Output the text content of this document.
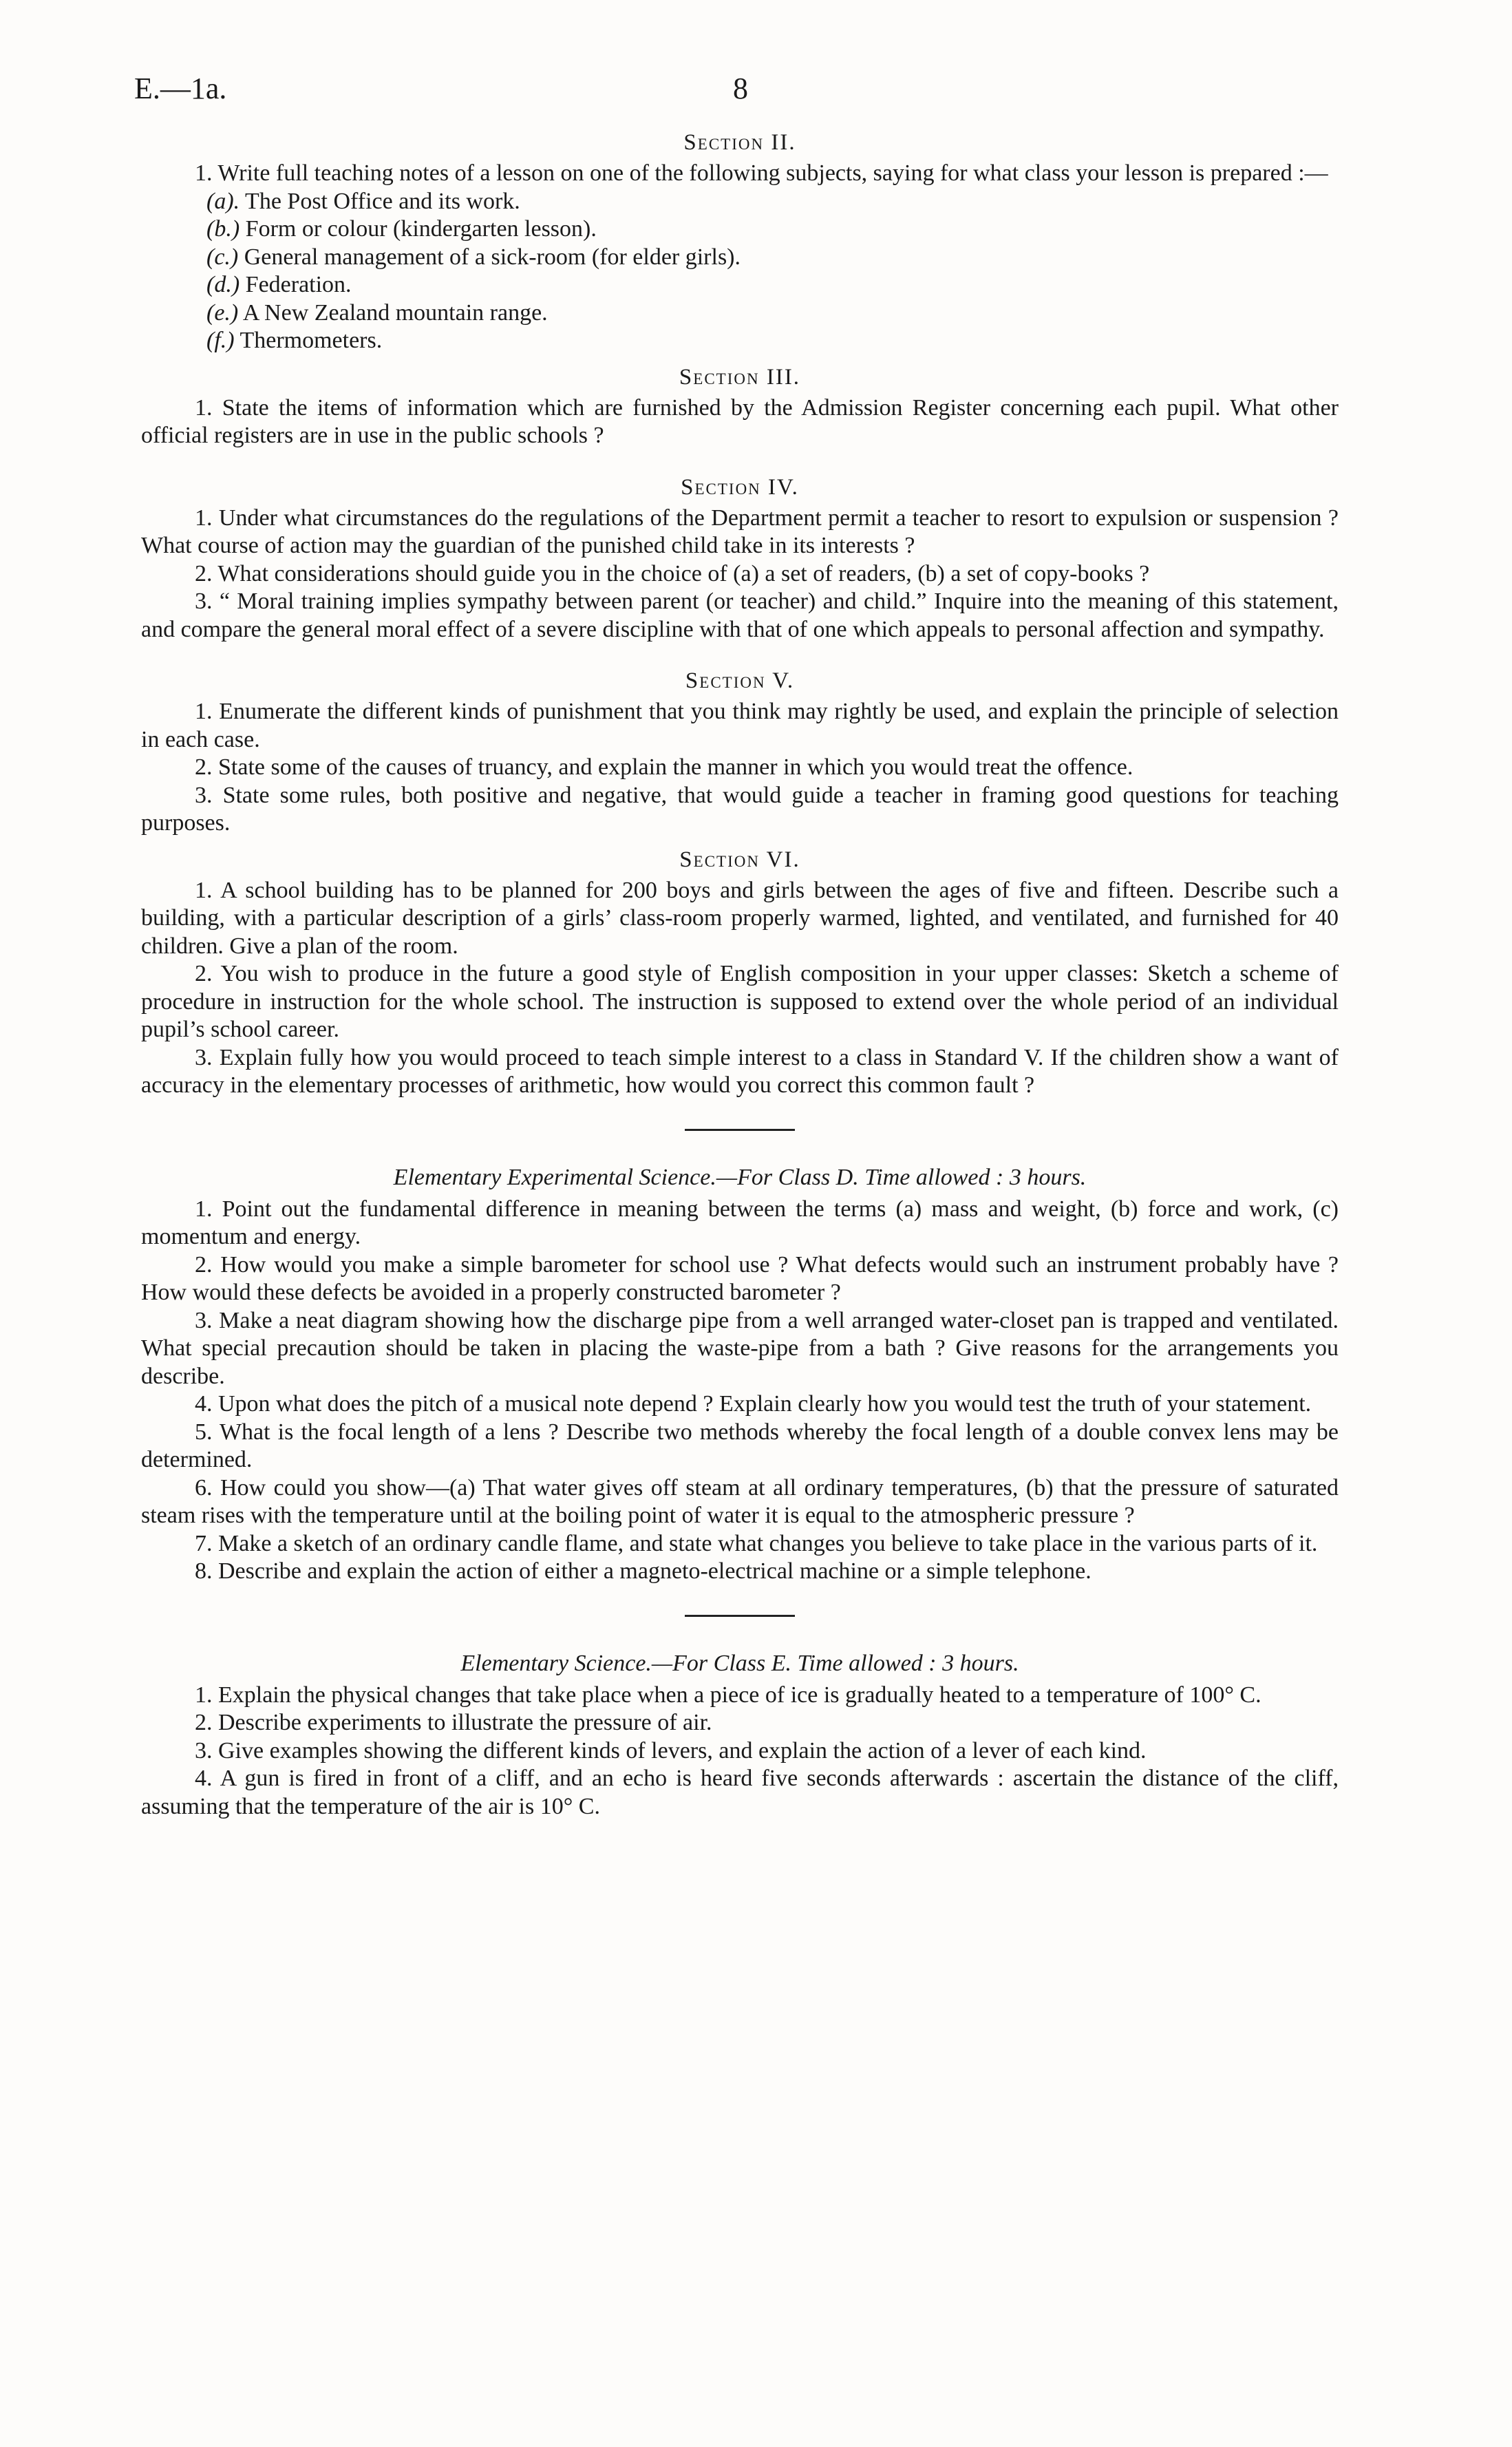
E.—1a.	8
Section II.

1. Write full teaching notes of a lesson on one of the following subjects, saying for what class your lesson is prepared :—

(a). The Post Office and its work.
(b.) Form or colour (kindergarten lesson).
(c.) General management of a sick-room (for elder girls).
(d.) Federation.
(e.) A New Zealand mountain range.
(f.) Thermometers.
Section III.

1. State the items of information which are furnished by the Admission Register concerning each pupil. What other official registers are in use in the public schools ?

Section IV.

1. Under what circumstances do the regulations of the Department permit a teacher to resort to expulsion or suspension ? What course of action may the guardian of the punished child take in its interests ?

2. What considerations should guide you in the choice of (a) a set of readers, (b) a set of copy-books ?

3. “ Moral training implies sympathy between parent (or teacher) and child.” Inquire into the meaning of this statement, and compare the general moral effect of a severe discipline with that of one which appeals to personal affection and sympathy.

Section V.

1. Enumerate the different kinds of punishment that you think may rightly be used, and explain the principle of selection in each case.

2. State some of the causes of truancy, and explain the manner in which you would treat the offence.

3. State some rules, both positive and negative, that would guide a teacher in framing good questions for teaching purposes.

Section VI.

1. A school building has to be planned for 200 boys and girls between the ages of five and fifteen. Describe such a building, with a particular description of a girls’ class-room properly warmed, lighted, and ventilated, and furnished for 40 children. Give a plan of the room.

2. You wish to produce in the future a good style of English composition in your upper classes: Sketch a scheme of procedure in instruction for the whole school. The instruction is supposed to extend over the whole period of an individual pupil’s school career.

3. Explain fully how you would proceed to teach simple interest to a class in Standard V. If the children show a want of accuracy in the elementary processes of arithmetic, how would you correct this common fault ?

Elementary Experimental Science.—For Class D. Time allowed : 3 hours.

1. Point out the fundamental difference in meaning between the terms (a) mass and weight, (b) force and work, (c) momentum and energy.

2. How would you make a simple barometer for school use ? What defects would such an instrument probably have ? How would these defects be avoided in a properly constructed barometer ?

3. Make a neat diagram showing how the discharge pipe from a well arranged water-closet pan is trapped and ventilated. What special precaution should be taken in placing the waste-pipe from a bath ? Give reasons for the arrangements you describe.

4. Upon what does the pitch of a musical note depend ? Explain clearly how you would test the truth of your statement.

5. What is the focal length of a lens ? Describe two methods whereby the focal length of a double convex lens may be determined.

6. How could you show—(a) That water gives off steam at all ordinary temperatures, (b) that the pressure of saturated steam rises with the temperature until at the boiling point of water it is equal to the atmospheric pressure ?

7. Make a sketch of an ordinary candle flame, and state what changes you believe to take place in the various parts of it.

8. Describe and explain the action of either a magneto-electrical machine or a simple telephone.

Elementary Science.—For Class E. Time allowed : 3 hours.

1. Explain the physical changes that take place when a piece of ice is gradually heated to a temperature of 100° C.

2. Describe experiments to illustrate the pressure of air.

3. Give examples showing the different kinds of levers, and explain the action of a lever of each kind.

4. A gun is fired in front of a cliff, and an echo is heard five seconds afterwards : ascertain the distance of the cliff, assuming that the temperature of the air is 10° C.
